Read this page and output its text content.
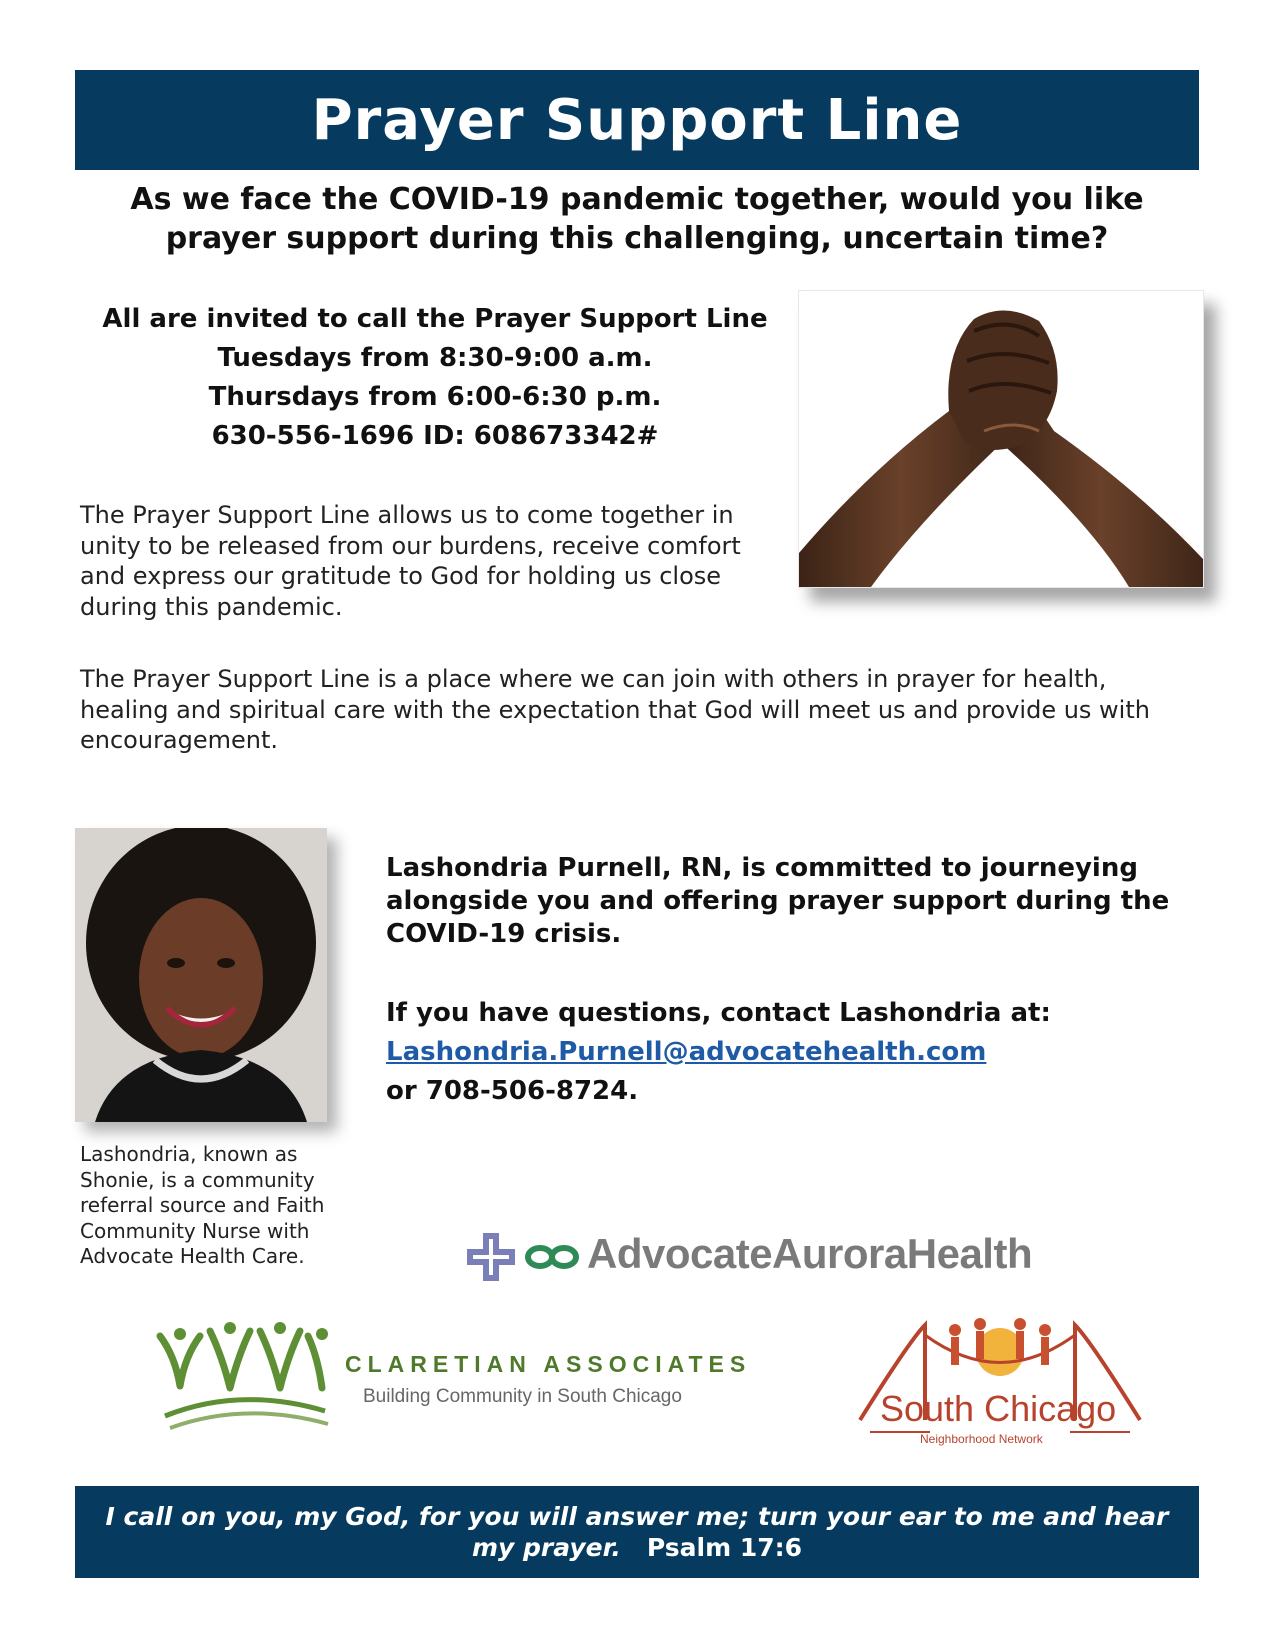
Prayer Support Line
As we face the COVID-19 pandemic together, would you like
prayer support during this challenging, uncertain time?
All are invited to call the Prayer Support Line
Tuesdays from 8:30-9:00 a.m.
Thursdays from 6:00-6:30 p.m.
630-556-1696 ID: 608673342#
The Prayer Support Line allows us to come together in unity to be released from our burdens, receive comfort and express our gratitude to God for holding us close during this pandemic.
The Prayer Support Line is a place where we can join with others in prayer for health, healing and spiritual care with the expectation that God will meet us and provide us with encouragement.
Lashondria, known as Shonie, is a community referral source and Faith Community Nurse with Advocate Health Care.
Lashondria Purnell, RN, is committed to journeying alongside you and offering prayer support during the COVID-19 crisis.
If you have questions, contact Lashondria at:
Lashondria.Purnell@advocatehealth.com
or 708-506-8724.
AdvocateAuroraHealth
CLARETIAN ASSOCIATES
Building Community in South Chicago	South Chicago
Neighborhood Network

I call on you, my God, for you will answer me; turn your ear to me and hear my prayer. Psalm 17:6
